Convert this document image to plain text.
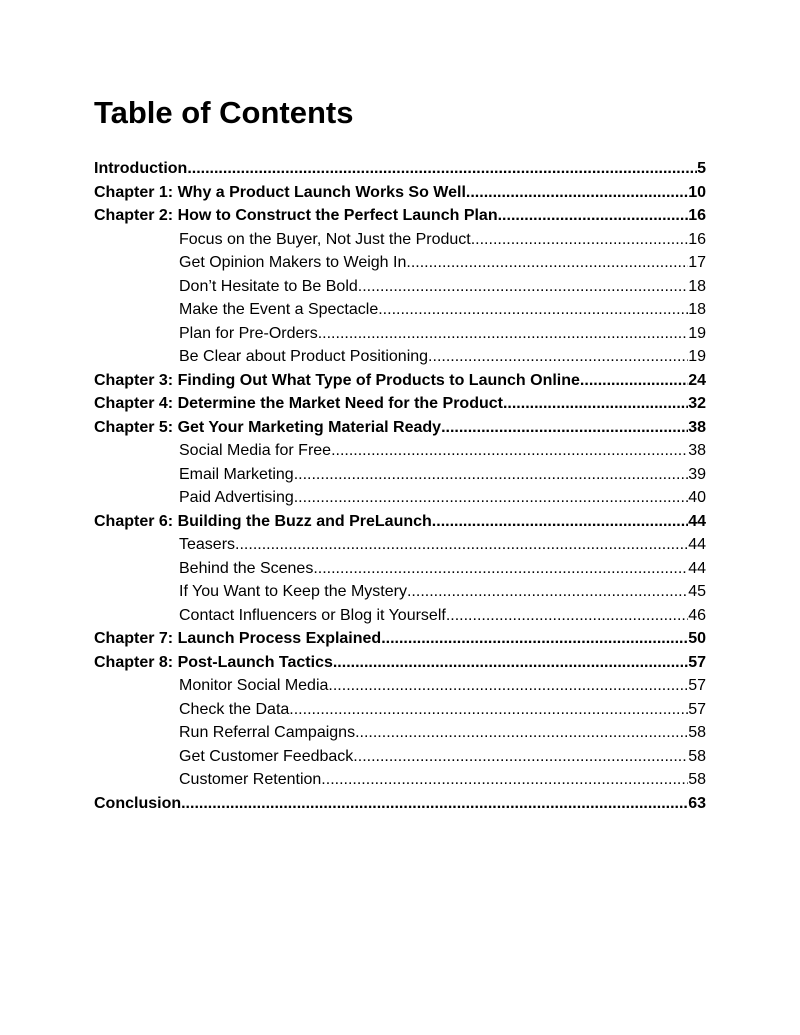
Table of Contents
Introduction .....	5
Chapter 1: Why a Product Launch Works So Well .....	10
Chapter 2: How to Construct the Perfect Launch Plan .....	16
Focus on the Buyer, Not Just the Product .....	16
Get Opinion Makers to Weigh In .....	17
Don’t Hesitate to Be Bold .....	18
Make the Event a Spectacle .....	18
Plan for Pre-Orders .....	19
Be Clear about Product Positioning .....	19
Chapter 3: Finding Out What Type of Products to Launch Online .....	24
Chapter 4: Determine the Market Need for the Product .....	32
Chapter 5: Get Your Marketing Material Ready .....	38
Social Media for Free .....	38
Email Marketing .....	39
Paid Advertising .....	40
Chapter 6: Building the Buzz and PreLaunch .....	44
Teasers .....	44
Behind the Scenes .....	44
If You Want to Keep the Mystery .....	45
Contact Influencers or Blog it Yourself .....	46
Chapter 7: Launch Process Explained .....	50
Chapter 8: Post-Launch Tactics .....	57
Monitor Social Media .....	57
Check the Data .....	57
Run Referral Campaigns .....	58
Get Customer Feedback .....	58
Customer Retention .....	58
Conclusion .....	63
